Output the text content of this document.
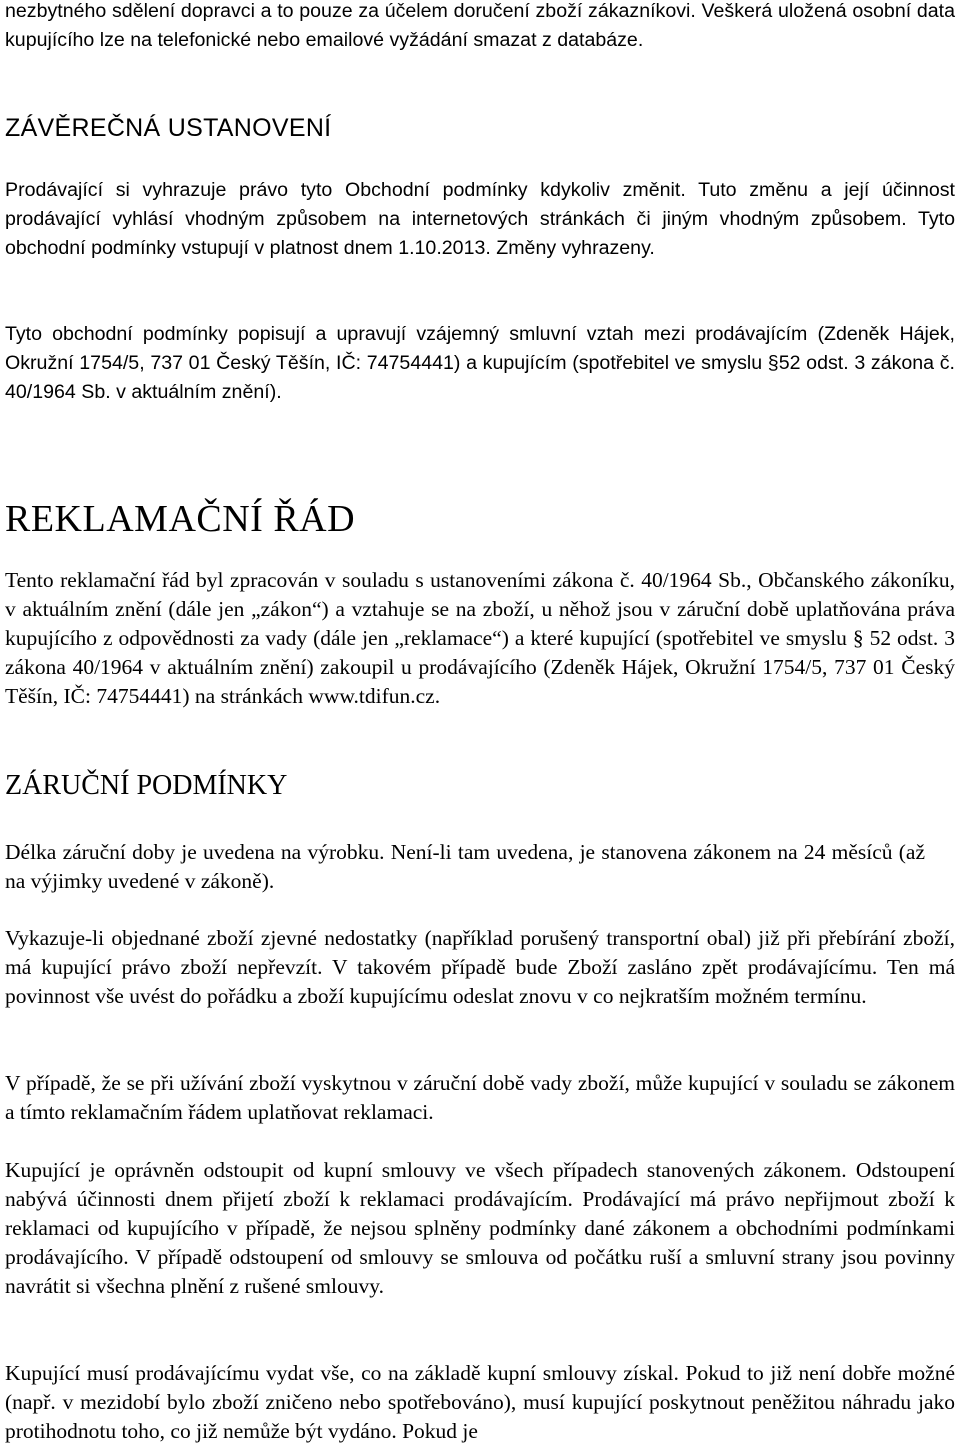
nezbytného sdělení dopravci a to pouze za účelem doručení zboží zákazníkovi. Veškerá uložená osobní data kupujícího lze na telefonické nebo emailové vyžádání smazat z databáze.

ZÁVĚREČNÁ USTANOVENÍ

Prodávající si vyhrazuje právo tyto Obchodní podmínky kdykoliv změnit. Tuto změnu a její účinnost prodávající vyhlásí vhodným způsobem na internetových stránkách či jiným vhodným způsobem. Tyto obchodní podmínky vstupují v platnost dnem 1.10.2013. Změny vyhrazeny.

Tyto obchodní podmínky popisují a upravují vzájemný smluvní vztah mezi prodávajícím (Zdeněk Hájek, Okružní 1754/5, 737 01 Český Těšín, IČ: 74754441) a kupujícím (spotřebitel ve smyslu §52 odst. 3 zákona č. 40/1964 Sb. v aktuálním znění).

REKLAMAČNÍ ŘÁD

Tento reklamační řád byl zpracován v souladu s ustanoveními zákona č. 40/1964 Sb., Občanského zákoníku, v aktuálním znění (dále jen „zákon“) a vztahuje se na zboží, u něhož jsou v záruční době uplatňována práva kupujícího z odpovědnosti za vady (dále jen „reklamace“) a které kupující (spotřebitel ve smyslu § 52 odst. 3 zákona 40/1964 v aktuálním znění) zakoupil u prodávajícího (Zdeněk Hájek, Okružní 1754/5, 737 01 Český Těšín, IČ: 74754441) na stránkách www.tdifun.cz.

ZÁRUČNÍ PODMÍNKY

Délka záruční doby je uvedena na výrobku. Není-li tam uvedena, je stanovena zákonem na 24 měsíců (až na výjimky uvedené v zákoně).

Vykazuje-li objednané zboží zjevné nedostatky (například porušený transportní obal) již při přebírání zboží, má kupující právo zboží nepřevzít. V takovém případě bude Zboží zasláno zpět prodávajícímu. Ten má povinnost vše uvést do pořádku a zboží kupujícímu odeslat znovu v co nejkratším možném termínu.

V případě, že se při užívání zboží vyskytnou v záruční době vady zboží, může kupující v souladu se zákonem a tímto reklamačním řádem uplatňovat reklamaci.

Kupující je oprávněn odstoupit od kupní smlouvy ve všech případech stanovených zákonem. Odstoupení nabývá účinnosti dnem přijetí zboží k reklamaci prodávajícím. Prodávající má právo nepřijmout zboží k reklamaci od kupujícího v případě, že nejsou splněny podmínky dané zákonem a obchodními podmínkami prodávajícího. V případě odstoupení od smlouvy se smlouva od počátku ruší a smluvní strany jsou povinny navrátit si všechna plnění z rušené smlouvy.

Kupující musí prodávajícímu vydat vše, co na základě kupní smlouvy získal. Pokud to již není dobře možné (např. v mezidobí bylo zboží zničeno nebo spotřebováno), musí kupující poskytnout peněžitou náhradu jako protihodnotu toho, co již nemůže být vydáno. Pokud je
